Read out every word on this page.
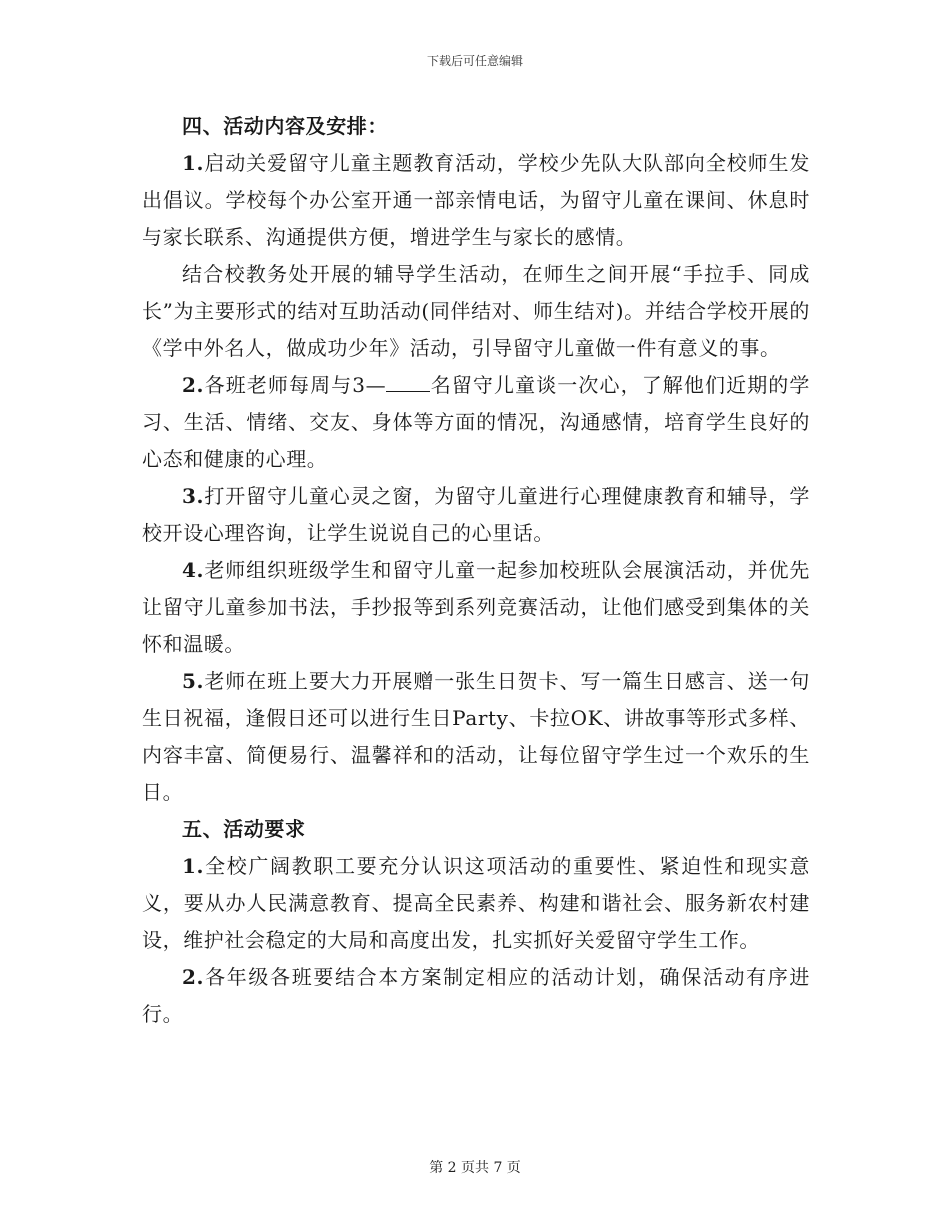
下载后可任意编辑
四、活动内容及安排：

1.启动关爱留守儿童主题教育活动，学校少先队大队部向全校师生发出倡议。学校每个办公室开通一部亲情电话，为留守儿童在课间、休息时与家长联系、沟通提供方便，增进学生与家长的感情。

结合校教务处开展的辅导学生活动，在师生之间开展“手拉手、同成长”为主要形式的结对互助活动(同伴结对、师生结对)。并结合学校开展的《学中外名人，做成功少年》活动，引导留守儿童做一件有意义的事。

2.各班老师每周与3— 名留守儿童谈一次心，了解他们近期的学习、生活、情绪、交友、身体等方面的情况，沟通感情，培育学生良好的心态和健康的心理。

3.打开留守儿童心灵之窗，为留守儿童进行心理健康教育和辅导，学校开设心理咨询，让学生说说自己的心里话。

4.老师组织班级学生和留守儿童一起参加校班队会展演活动，并优先让留守儿童参加书法，手抄报等到系列竞赛活动，让他们感受到集体的关怀和温暖。

5.老师在班上要大力开展赠一张生日贺卡、写一篇生日感言、送一句生日祝福，逢假日还可以进行生日Party、卡拉OK、讲故事等形式多样、内容丰富、简便易行、温馨祥和的活动，让每位留守学生过一个欢乐的生日。

五、活动要求

1.全校广阔教职工要充分认识这项活动的重要性、紧迫性和现实意义，要从办人民满意教育、提高全民素养、构建和谐社会、服务新农村建设，维护社会稳定的大局和高度出发，扎实抓好关爱留守学生工作。

2.各年级各班要结合本方案制定相应的活动计划，确保活动有序进行。

第 2 页共 7 页
